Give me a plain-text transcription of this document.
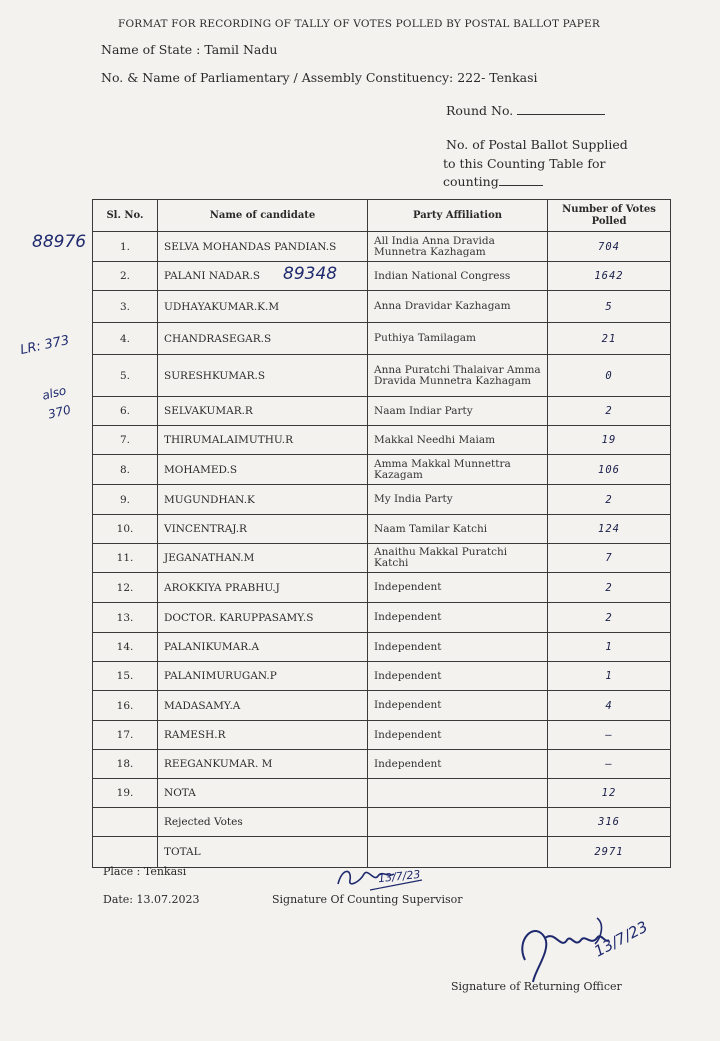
FORMAT FOR RECORDING OF TALLY OF VOTES POLLED BY POSTAL BALLOT PAPER
Name of State : Tamil Nadu
No. & Name of Parliamentary / Assembly Constituency: 222- Tenkasi
Round No.
No. of Postal Ballot Supplied
to this Counting Table for
counting
Sl. No.	Name of candidate	Party Affiliation	Number of Votes Polled
1.	SELVA MOHANDAS PANDIAN.S	All India Anna Dravida Munnetra Kazhagam	704
2.	PALANI NADAR.S	Indian National Congress	1642
3.	UDHAYAKUMAR.K.M	Anna Dravidar Kazhagam	5
4.	CHANDRASEGAR.S	Puthiya Tamilagam	21
5.	SURESHKUMAR.S	Anna Puratchi Thalaivar Amma Dravida Munnetra Kazhagam	0
6.	SELVAKUMAR.R	Naam Indiar Party	2
7.	THIRUMALAIMUTHU.R	Makkal Needhi Maiam	19
8.	MOHAMED.S	Amma Makkal Munnettra Kazagam	106
9.	MUGUNDHAN.K	My India Party	2
10.	VINCENTRAJ.R	Naam Tamilar Katchi	124
11.	JEGANATHAN.M	Anaithu Makkal Puratchi Katchi	7
12.	AROKKIYA PRABHU.J	Independent	2
13.	DOCTOR. KARUPPASAMY.S	Independent	2
14.	PALANIKUMAR.A	Independent	1
15.	PALANIMURUGAN.P	Independent	1
16.	MADASAMY.A	Independent	4
17.	RAMESH.R	Independent	—
18.	REEGANKUMAR. M	Independent	—
19.	NOTA		12
	Rejected Votes		316
	TOTAL		2971
88976
89348
LR: 373
also
370
Place : Tenkasi
Date: 13.07.2023	Signature Of Counting Supervisor
13/7/23
13/7/23
Signature of Returning Officer
